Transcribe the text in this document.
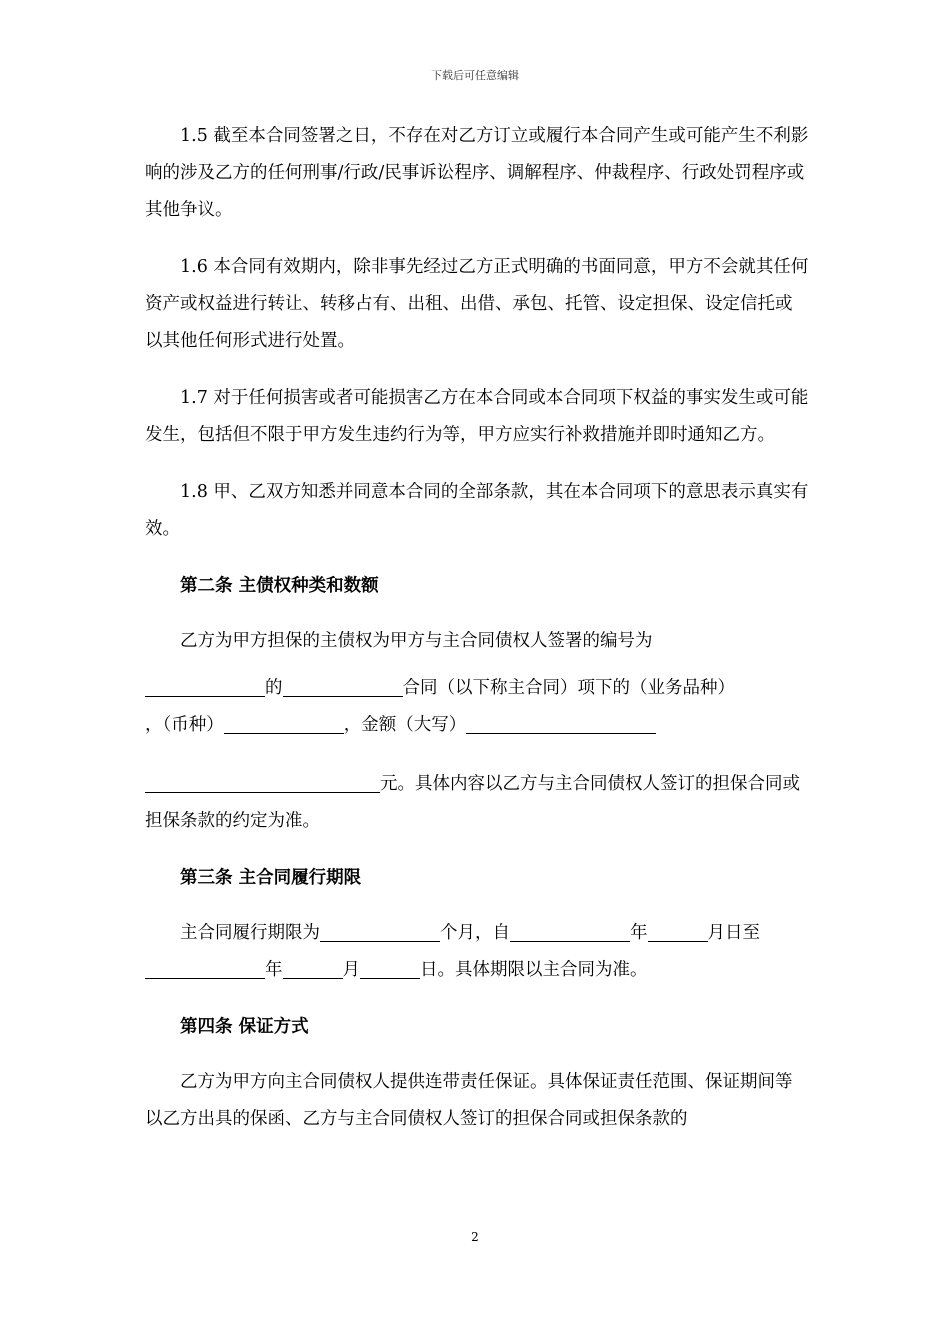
下载后可任意编辑

1.5 截至本合同签署之日，不存在对乙方订立或履行本合同产生或可能产生不利影响的涉及乙方的任何刑事/行政/民事诉讼程序、调解程序、仲裁程序、行政处罚程序或其他争议。

1.6 本合同有效期内，除非事先经过乙方正式明确的书面同意，甲方不会就其任何资产或权益进行转让、转移占有、出租、出借、承包、托管、设定担保、设定信托或以其他任何形式进行处置。

1.7 对于任何损害或者可能损害乙方在本合同或本合同项下权益的事实发生或可能发生，包括但不限于甲方发生违约行为等，甲方应实行补救措施并即时通知乙方。

1.8 甲、乙双方知悉并同意本合同的全部条款，其在本合同项下的意思表示真实有效。

第二条 主债权种类和数额

乙方为甲方担保的主债权为甲方与主合同债权人签署的编号为

的	合同（以下称主合同）项下的（业务品种）

，（币种）	，金额（大写）

元。具体内容以乙方与主合同债权人签订的担保合同或担保条款的约定为准。

第三条 主合同履行期限

主合同履行期限为	个月，自	年	月日至年	月	日。具体期限以主合同为准。

第四条 保证方式

乙方为甲方向主合同债权人提供连带责任保证。具体保证责任范围、保证期间等以乙方出具的保函、乙方与主合同债权人签订的担保合同或担保条款的

2
